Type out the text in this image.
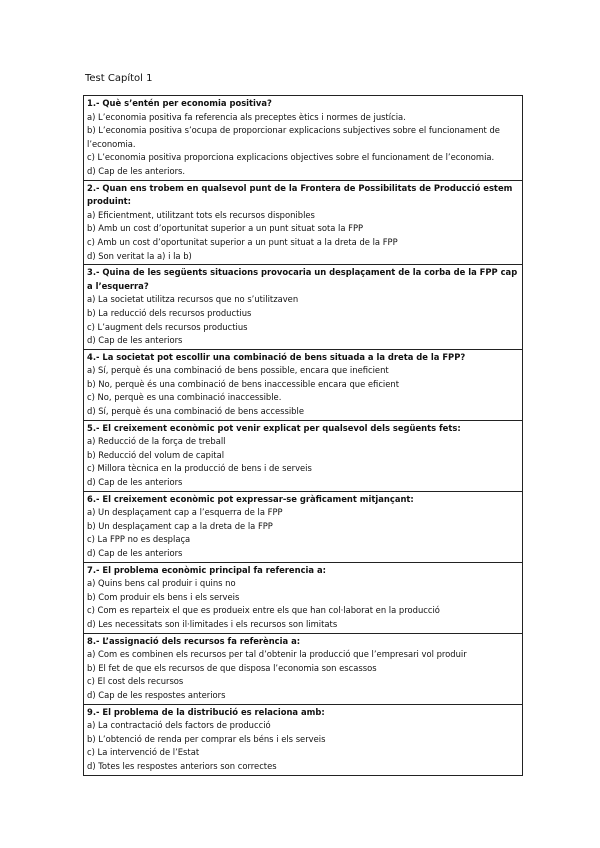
Test Capítol 1
1.- Què s’entén per economia positiva?
a) L’economia positiva fa referencia als preceptes ètics i normes de justícia.
b) L’economia positiva s’ocupa de proporcionar explicacions subjectives sobre el funcionament de l’economia.
c) L’economia positiva proporciona explicacions objectives sobre el funcionament de l’economia.
d) Cap de les anteriors.
2.- Quan ens trobem en qualsevol punt de la Frontera de Possibilitats de Producció estem produint:
a) Eficientment, utilitzant tots els recursos disponibles
b) Amb un cost d’oportunitat superior a un punt situat sota la FPP
c) Amb un cost d’oportunitat superior a un punt situat a la dreta de la FPP
d) Son veritat la a) i la b)
3.- Quina de les següents situacions provocaria un desplaçament de la corba de la FPP cap a l’esquerra?
a) La societat utilitza recursos que no s’utilitzaven
b) La reducció dels recursos productius
c) L’augment dels recursos productius
d) Cap de les anteriors
4.- La societat pot escollir una combinació de bens situada a la dreta de la FPP?
a) Sí, perquè és una combinació de bens possible, encara que ineficient
b) No, perquè és una combinació de bens inaccessible encara que eficient
c) No, perquè es una combinació inaccessible.
d) Sí, perquè és una combinació de bens accessible
5.- El creixement econòmic pot venir explicat per qualsevol dels següents fets:
a) Reducció de la força de treball
b) Reducció del volum de capital
c) Millora tècnica en la producció de bens i de serveis
d) Cap de les anteriors
6.- El creixement econòmic pot expressar-se gràficament mitjançant:
a) Un desplaçament cap a l’esquerra de la FPP
b) Un desplaçament cap a la dreta de la FPP
c) La FPP no es desplaça
d) Cap de les anteriors
7.- El problema econòmic principal fa referencia a:
a) Quins bens cal produir i quins no
b) Com produir els bens i els serveis
c) Com es reparteix el que es produeix entre els que han col·laborat en la producció
d) Les necessitats son il·limitades i els recursos son limitats
8.- L’assignació dels recursos fa referència a:
a) Com es combinen els recursos per tal d’obtenir la producció que l’empresari vol produir
b) El fet de que els recursos de que disposa l’economia son escassos
c) El cost dels recursos
d) Cap de les respostes anteriors
9.- El problema de la distribució es relaciona amb:
a) La contractació dels factors de producció
b) L’obtenció de renda per comprar els béns i els serveis
c) La intervenció de l’Estat
d) Totes les respostes anteriors son correctes
